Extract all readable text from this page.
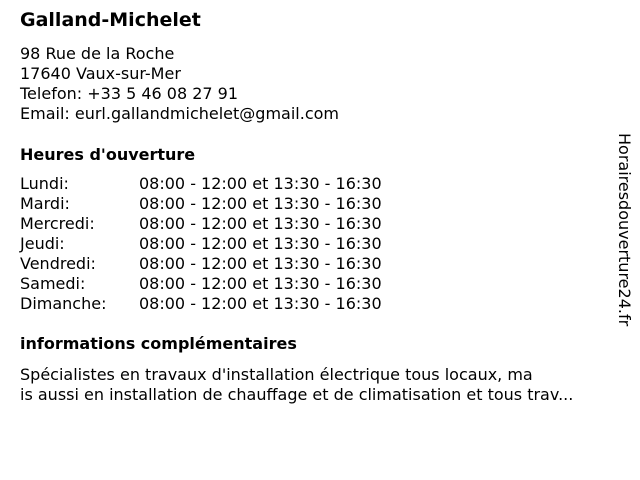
Galland-Michelet
98 Rue de la Roche
17640 Vaux-sur-Mer
Telefon: +33 5 46 08 27 91
Email: eurl.gallandmichelet@gmail.com
Heures d'ouverture
Lundi:	08:00 - 12:00 et 13:30 - 16:30
Mardi:	08:00 - 12:00 et 13:30 - 16:30
Mercredi:	08:00 - 12:00 et 13:30 - 16:30
Jeudi:	08:00 - 12:00 et 13:30 - 16:30
Vendredi:	08:00 - 12:00 et 13:30 - 16:30
Samedi:	08:00 - 12:00 et 13:30 - 16:30
Dimanche:	08:00 - 12:00 et 13:30 - 16:30
informations complémentaires
Spécialistes en travaux d'installation électrique tous locaux, ma
is aussi en installation de chauffage et de climatisation et tous trav...
Horairesdouverture24.fr
